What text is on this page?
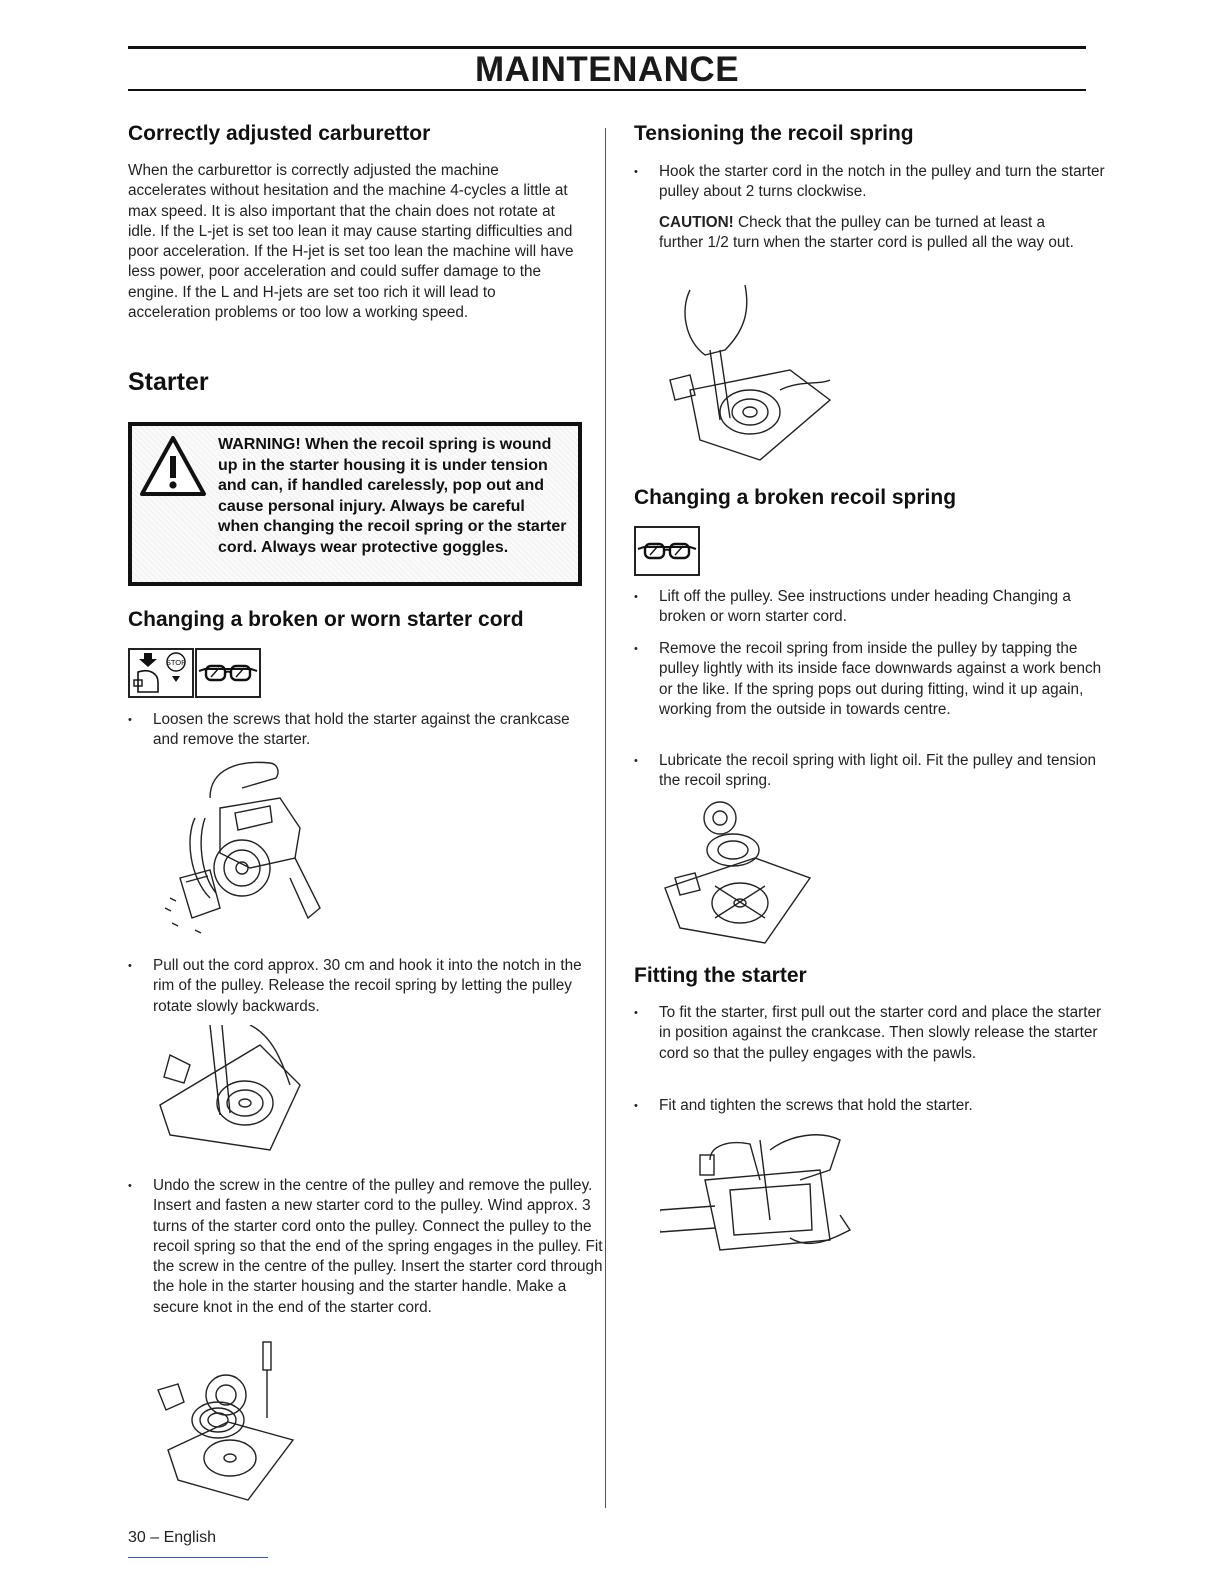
MAINTENANCE
Correctly adjusted carburettor

When the carburettor is correctly adjusted the machine accelerates without hesitation and the machine 4-cycles a little at max speed. It is also important that the chain does not rotate at idle. If the L-jet is set too lean it may cause starting difficulties and poor acceleration. If the H-jet is set too lean the machine will have less power, poor acceleration and could suffer damage to the engine. If the L and H-jets are set too rich it will lead to acceleration problems or too low a working speed.

Starter

WARNING! When the recoil spring is wound up in the starter housing it is under tension and can, if handled carelessly, pop out and cause personal injury. Always be careful when changing the recoil spring or the starter cord. Always wear protective goggles.

Changing a broken or worn starter cord
STOP

• Loosen the screws that hold the starter against the crankcase and remove the starter.

• Pull out the cord approx. 30 cm and hook it into the notch in the rim of the pulley. Release the recoil spring by letting the pulley rotate slowly backwards.

• Undo the screw in the centre of the pulley and remove the pulley. Insert and fasten a new starter cord to the pulley. Wind approx. 3 turns of the starter cord onto the pulley. Connect the pulley to the recoil spring so that the end of the spring engages in the pulley. Fit the screw in the centre of the pulley. Insert the starter cord through the hole in the starter housing and the starter handle. Make a secure knot in the end of the starter cord.

Tensioning the recoil spring

• Hook the starter cord in the notch in the pulley and turn the starter pulley about 2 turns clockwise.

CAUTION! Check that the pulley can be turned at least a further 1/2 turn when the starter cord is pulled all the way out.

Changing a broken recoil spring

• Lift off the pulley. See instructions under heading Changing a broken or worn starter cord.

• Remove the recoil spring from inside the pulley by tapping the pulley lightly with its inside face downwards against a work bench or the like. If the spring pops out during fitting, wind it up again, working from the outside in towards centre.

• Lubricate the recoil spring with light oil. Fit the pulley and tension the recoil spring.

Fitting the starter

• To fit the starter, first pull out the starter cord and place the starter in position against the crankcase. Then slowly release the starter cord so that the pulley engages with the pawls.

• Fit and tighten the screws that hold the starter.

30 – English
